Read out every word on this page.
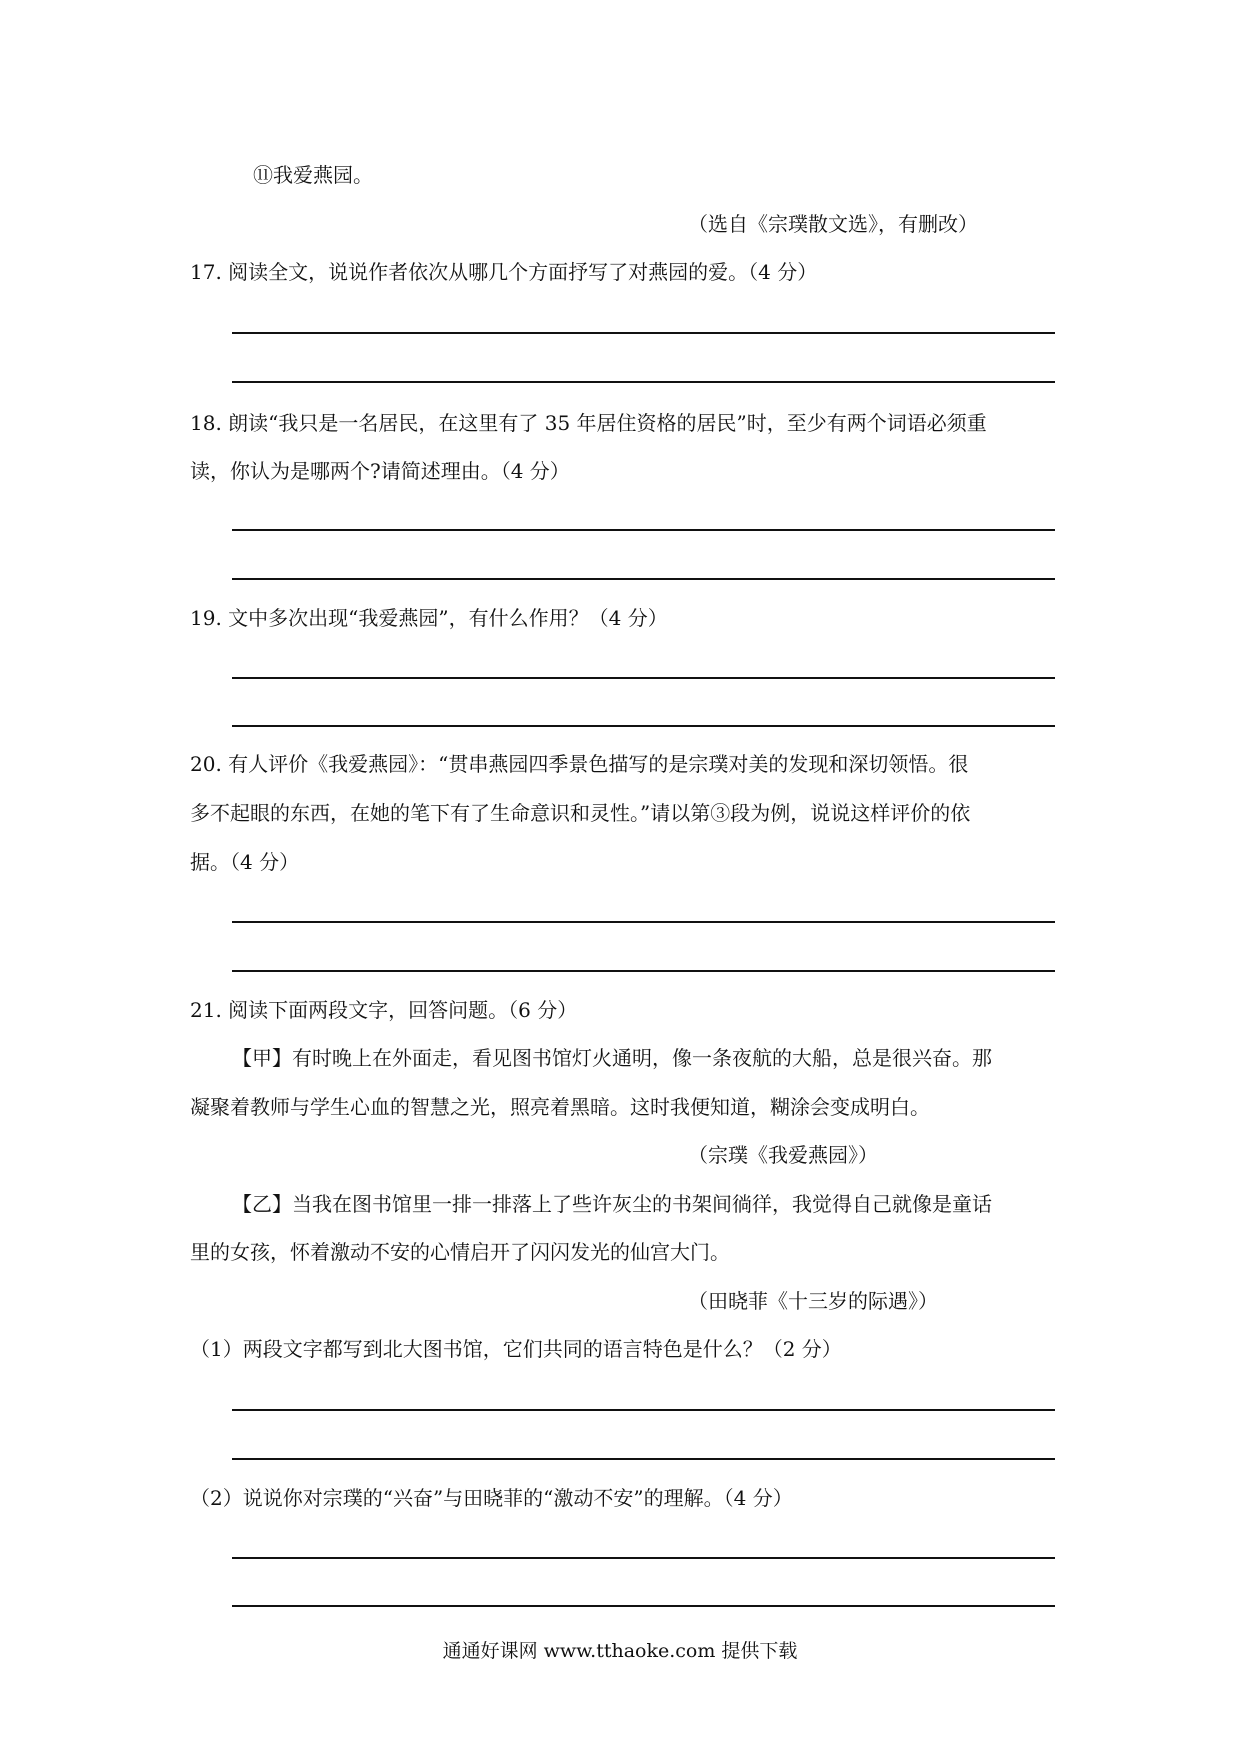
⑪我爱燕园。
（选自《宗璞散文选》，有删改）
17. 阅读全文，说说作者依次从哪几个方面抒写了对燕园的爱。（4 分）
18. 朗读“我只是一名居民，在这里有了 35 年居住资格的居民”时，至少有两个词语必须重
读，你认为是哪两个?请简述理由。（4 分）
19. 文中多次出现“我爱燕园”，有什么作用？（4 分）
20. 有人评价《我爱燕园》：“贯串燕园四季景色描写的是宗璞对美的发现和深切领悟。很
多不起眼的东西，在她的笔下有了生命意识和灵性。”请以第③段为例，说说这样评价的依
据。（4 分）
21. 阅读下面两段文字，回答问题。（6 分）
【甲】有时晚上在外面走，看见图书馆灯火通明，像一条夜航的大船，总是很兴奋。那
凝聚着教师与学生心血的智慧之光，照亮着黑暗。这时我便知道，糊涂会变成明白。
（宗璞《我爱燕园》）
【乙】当我在图书馆里一排一排落上了些许灰尘的书架间徜徉，我觉得自己就像是童话
里的女孩，怀着激动不安的心情启开了闪闪发光的仙宫大门。
（田晓菲《十三岁的际遇》）
（1）两段文字都写到北大图书馆，它们共同的语言特色是什么？（2 分）
（2）说说你对宗璞的“兴奋”与田晓菲的“激动不安”的理解。（4 分）
通通好课网 www.tthaoke.com 提供下载
